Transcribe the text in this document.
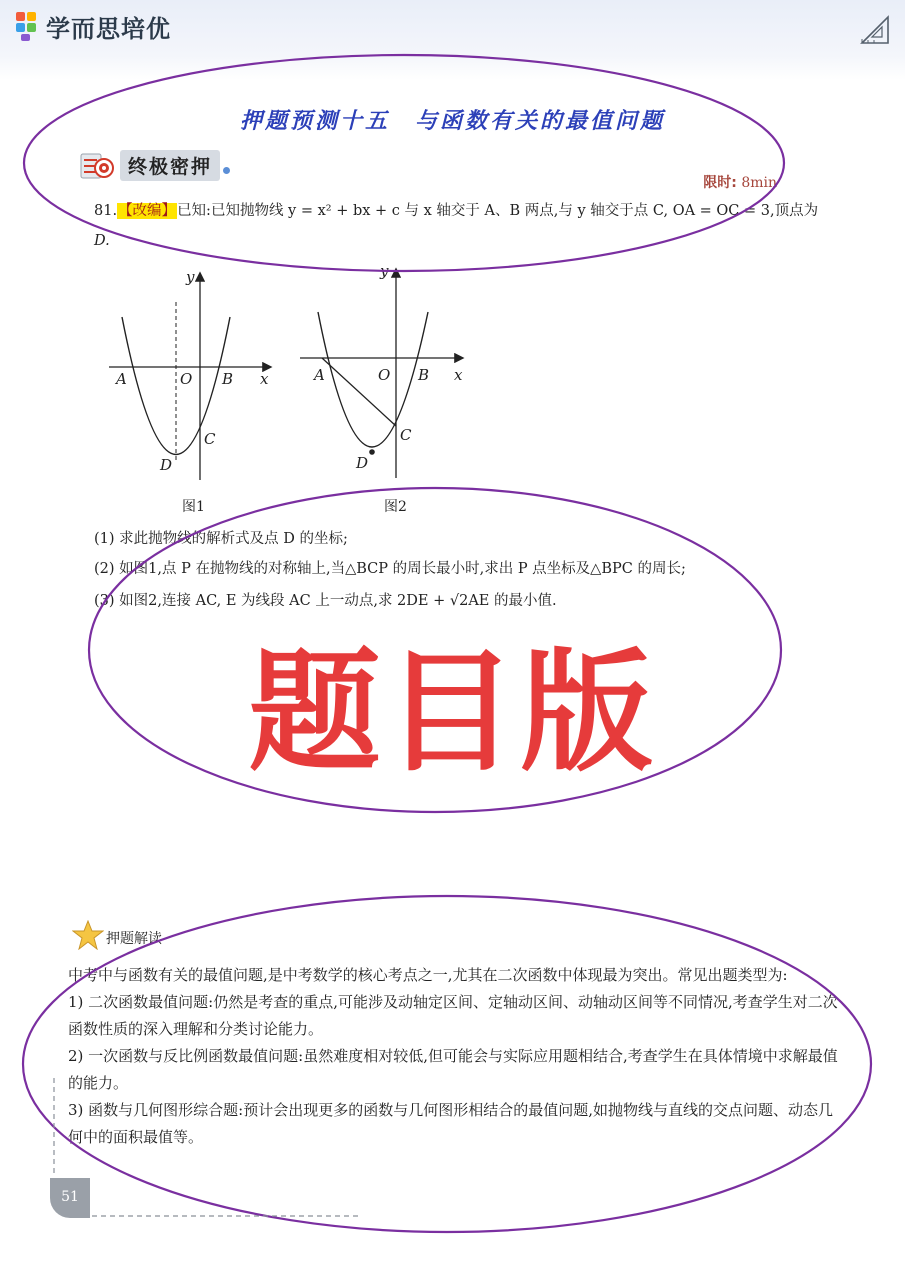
学而思培优
押题预测十五　与函数有关的最值问题
终极密押
限时: 8min
81.【改编】已知:已知抛物线 y = x² + bx + c 与 x 轴交于 A、B 两点,与 y 轴交于点 C, OA = OC = 3,顶点为
D.
y
x
A	O B
C
D
图1
y
x
A	O B
C
D
图2
(1) 求此抛物线的解析式及点 D 的坐标;
(2) 如图1,点 P 在抛物线的对称轴上,当△BCP 的周长最小时,求出 P 点坐标及△BPC 的周长;
(3) 如图2,连接 AC, E 为线段 AC 上一动点,求 2DE + √2AE 的最小值.
题目版
押题解读

中考中与函数有关的最值问题,是中考数学的核心考点之一,尤其在二次函数中体现最为突出。常见出题类型为:

1) 二次函数最值问题:仍然是考查的重点,可能涉及动轴定区间、定轴动区间、动轴动区间等不同情况,考查学生对二次函数性质的深入理解和分类讨论能力。

2) 一次函数与反比例函数最值问题:虽然难度相对较低,但可能会与实际应用题相结合,考查学生在具体情境中求解最值的能力。

3) 函数与几何图形综合题:预计会出现更多的函数与几何图形相结合的最值问题,如抛物线与直线的交点问题、动态几何中的面积最值等。

51
